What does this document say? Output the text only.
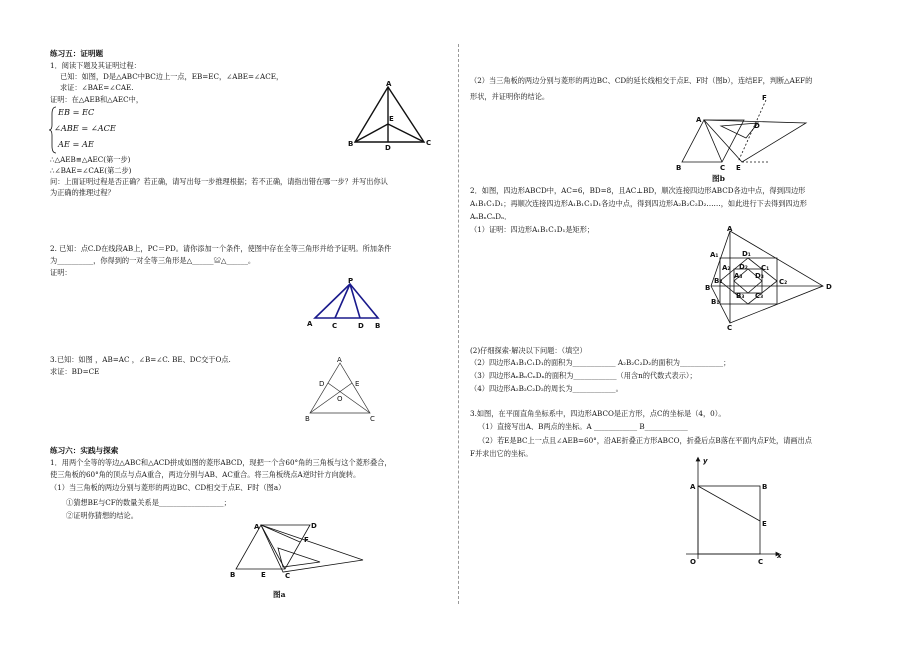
练习五：证明题
1．阅读下题及其证明过程：
已知：如图，D是△ABC中BC边上一点，EB=EC，∠ABE=∠ACE，
求证：∠BAE=∠CAE.
证明：在△AEB和△AEC中，
EB = EC
∠ABE = ∠ACE
AE = AE
∴△AEB≌△AEC(第一步)
∴∠BAE=∠CAE(第二步)
问：上面证明过程是否正确？若正确，请写出每一步推理根据；若不正确，请指出错在哪一步？并写出你认
为正确的推理过程？
A
E
B	D
C
2. 已知：点C.D在线段AB上，PC＝PD。请你添加一个条件，使图中存在全等三角形并给予证明。所加条件
为__________，你得到的一对全等三角形是△______≌△______。
证明：
P
A	C	D B
3.已知：如图 ，AB=AC ，∠B=∠C. BE、DC交于O点.
求证：BD=CE
A
D	E
O
B	C
练习六：实践与探索
1．用两个全等的等边△ABC和△ACD拼成如图的菱形ABCD，现把一个含60°角的三角板与这个菱形叠合，
使三角板的60°角的顶点与点A重合，两边分别与AB、AC重合。将三角板绕点A逆时针方向旋转。
（1）当三角板的两边分别与菱形的两边BC、CD相交于点E、F时（图a）
①猜想BE与CF的数量关系是__________________；
②证明你猜想的结论。
A	D
F
B	E	C
图a
（2）当三角板的两边分别与菱形的两边BC、CD的延长线相交于点E、F时（图b），连结EF，判断△AEF的
形状，并证明你的结论。
A
D
B	C E
F
图b
2．如图，四边形ABCD中，AC=6，BD=8，且AC⊥BD，顺次连接四边形ABCD各边中点，得到四边形
A₁B₁C₁D₁；再顺次连接四边形A₁B₁C₁D₁各边中点，得到四边形A₂B₂C₂D₂……，如此进行下去得到四边形
AₙBₙCₙDₙ．
（1）证明：四边形A₁B₁C₁D₁是矩形；	A
A₁	D₁
C₁
A₂ D₂
C₂
B₂
B	D
B₁
C
A₃
B₃ C₃
D₃
(2)仔细探索·解决以下问题：（填空）
（2）四边形A₁B₁C₁D₁的面积为____________ A₂B₂C₂D₂的面积为____________；
（3）四边形AₙBₙCₙDₙ的面积为____________（用含n的代数式表示）；
（4）四边形A₂B₂C₂D₂的周长为____________。
3.如图，在平面直角坐标系中，四边形ABCO是正方形，点C的坐标是（4，0）。
（1）直接写出A、B两点的坐标。A ____________ B____________
（2）若E是BC上一点且∠AEB=60°，沿AE折叠正方形ABCO，折叠后点B落在平面内点F处，请画出点
F并求出它的坐标。
y
A	B
E
O	C
x
